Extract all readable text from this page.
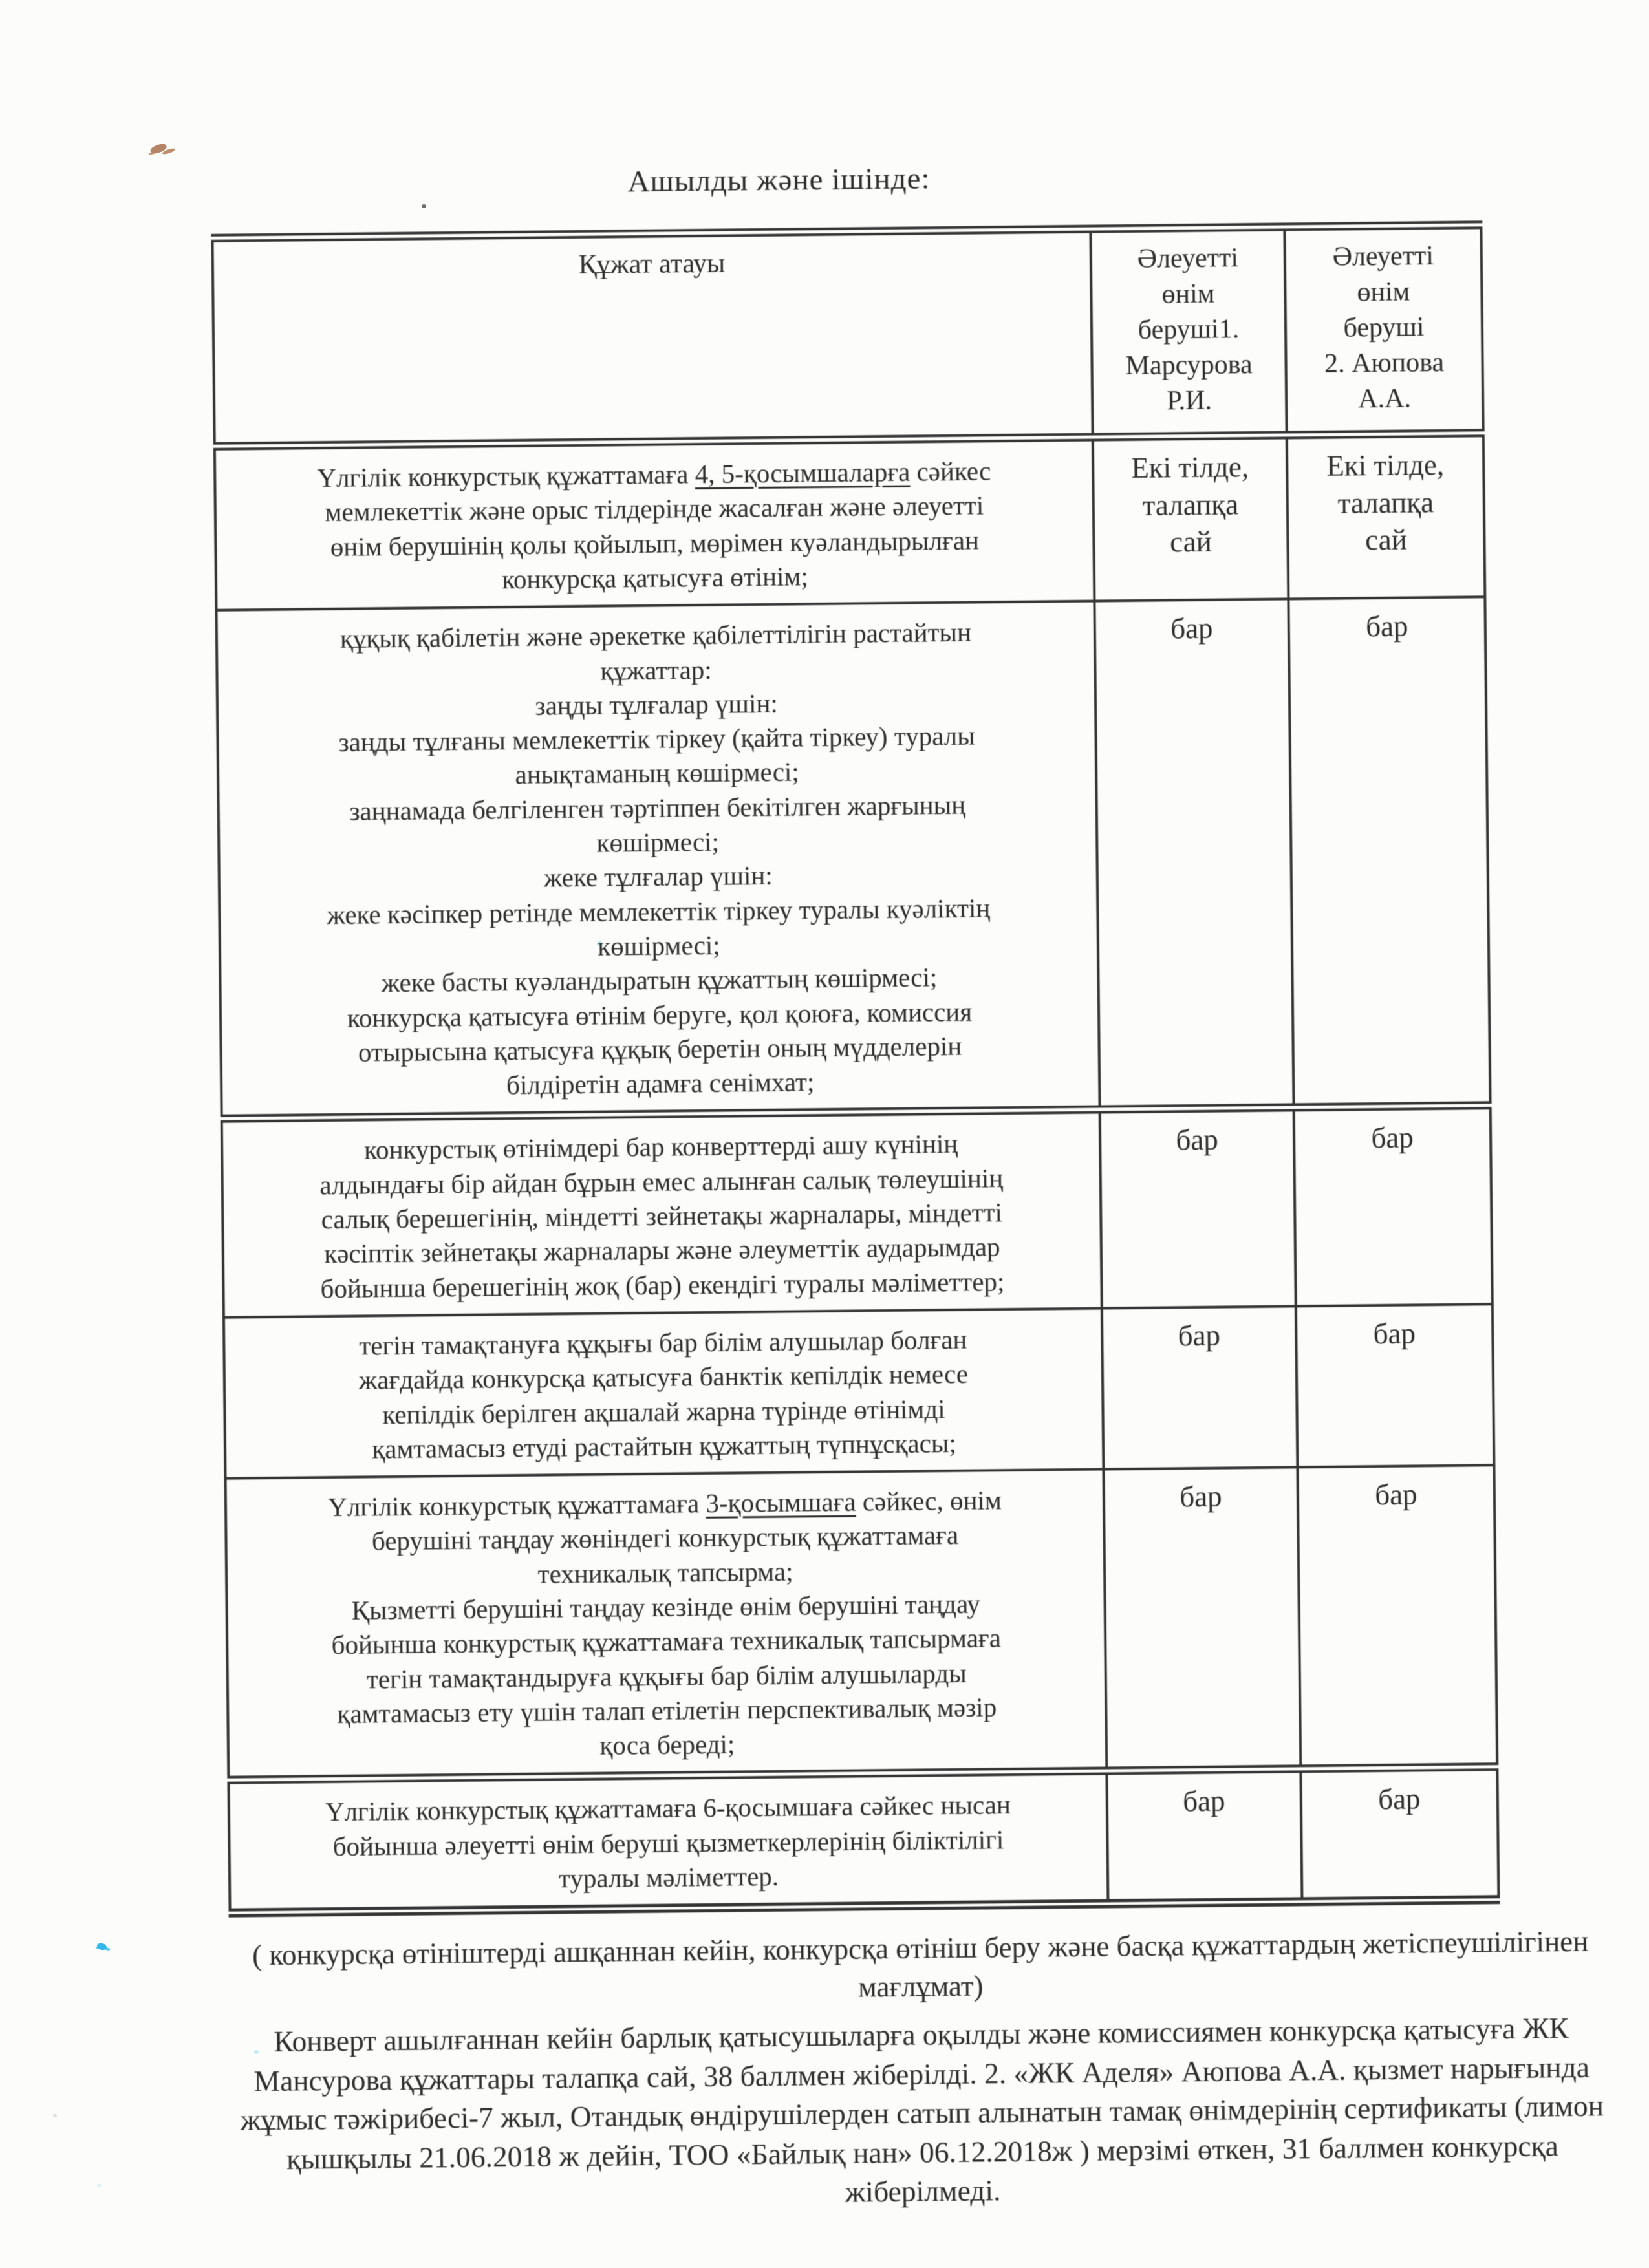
Ашылды және ішінде:
Құжат атауы	Әлеуетті
өнім
беруші1.
Марсурова
Р.И.	Әлеуетті
өнім
беруші
2. Аюпова
А.А.
Үлгілік конкурстық құжаттамаға 4, 5-қосымшаларға сәйкес
мемлекеттік және орыс тілдерінде жасалған және әлеуетті
өнім берушінің қолы қойылып, мөрімен куәландырылған
конкурсқа қатысуға өтінім;	Екі тілде,
талапқа
сай	Екі тілде,
талапқа
сай
құқық қабілетін және әрекетке қабілеттілігін растайтын
құжаттар:
заңды тұлғалар үшін:
заңды тұлғаны мемлекеттік тіркеу (қайта тіркеу) туралы
анықтаманың көшірмесі;
заңнамада белгіленген тәртіппен бекітілген жарғының
көшірмесі;
жеке тұлғалар үшін:
жеке кәсіпкер ретінде мемлекеттік тіркеу туралы куәліктің
көшірмесі;
жеке басты куәландыратын құжаттың көшірмесі;
конкурсқа қатысуға өтінім беруге, қол қоюға, комиссия
отырысына қатысуға құқық беретін оның мүдделерін
білдіретін адамға сенімхат;	бар	бар
конкурстық өтінімдері бар конверттерді ашу күнінің
алдындағы бір айдан бұрын емес алынған салық төлеушінің
салық берешегінің, міндетті зейнетақы жарналары, міндетті
кәсіптік зейнетақы жарналары және әлеуметтік аударымдар
бойынша берешегінің жоқ (бар) екендігі туралы мәліметтер;	бар	бар
тегін тамақтануға құқығы бар білім алушылар болған
жағдайда конкурсқа қатысуға банктік кепілдік немесе
кепілдік берілген ақшалай жарна түрінде өтінімді
қамтамасыз етуді растайтын құжаттың түпнұсқасы;	бар	бар
Үлгілік конкурстық құжаттамаға 3-қосымшаға сәйкес, өнім
берушіні таңдау жөніндегі конкурстық құжаттамаға
техникалық тапсырма;
Қызметті берушіні таңдау кезінде өнім берушіні таңдау
бойынша конкурстық құжаттамаға техникалық тапсырмаға
тегін тамақтандыруға құқығы бар білім алушыларды
қамтамасыз ету үшін талап етілетін перспективалық мәзір
қоса береді;	бар	бар
Үлгілік конкурстық құжаттамаға 6-қосымшаға сәйкес нысан
бойынша әлеуетті өнім беруші қызметкерлерінің біліктілігі
туралы мәліметтер.	бар	бар
( конкурсқа өтініштерді ашқаннан кейін, конкурсқа өтініш беру және басқа құжаттардың жетіспеушілігінен мағлұмат)
Конверт ашылғаннан кейін барлық қатысушыларға оқылды және комиссиямен конкурсқа қатысуға ЖК Мансурова құжаттары талапқа сай, 38 баллмен жіберілді. 2. «ЖК Аделя» Аюпова А.А. қызмет нарығында жұмыс тәжірибесі-7 жыл, Отандық өндірушілерден сатып алынатын тамақ өнімдерінің сертификаты (лимон қышқылы 21.06.2018 ж дейін, ТОО «Байлық нан» 06.12.2018ж ) мерзімі өткен, 31 баллмен конкурсқа жіберілмеді.
